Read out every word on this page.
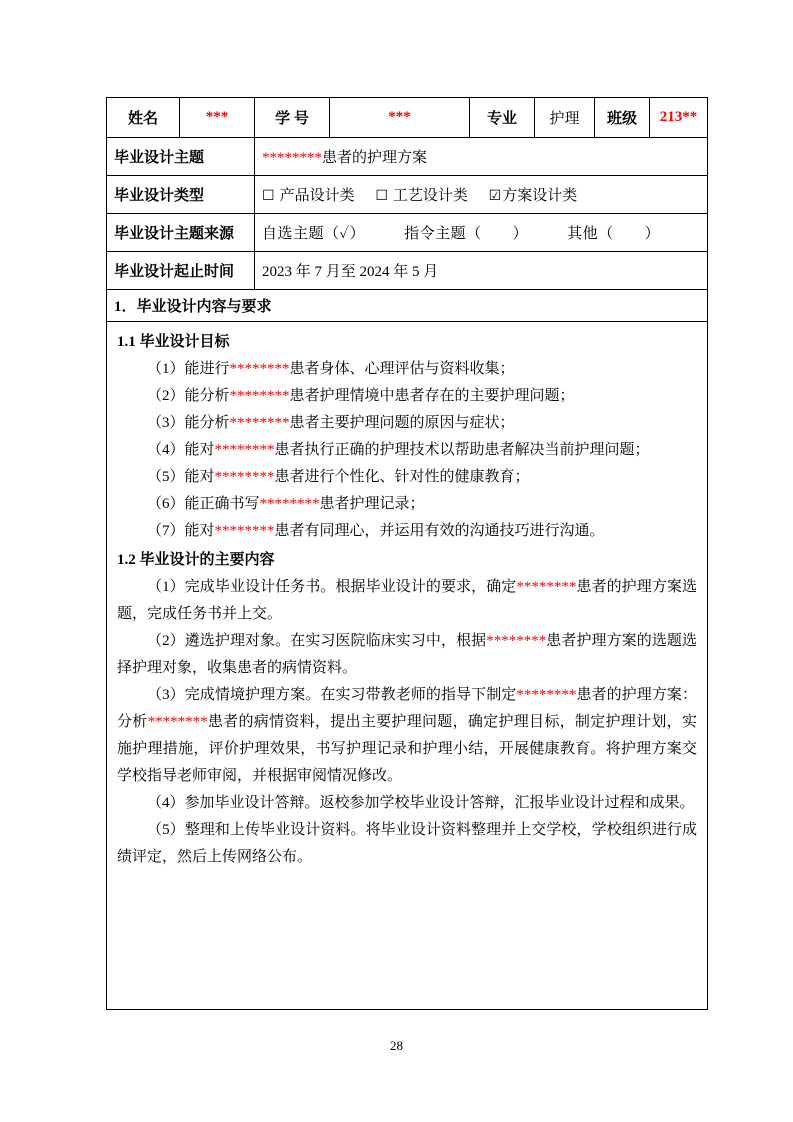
姓名	***	学 号	***	专业	护理	班级	213**
毕业设计主题		********患者的护理方案					
毕业设计类型		☐ 产品设计类 ☐ 工艺设计类 ☑方案设计类					
毕业设计主题来源		自选主题（✓）　　　指令主题（　　）　　　其他（　　）					
毕业设计起止时间		2023 年 7 月至 2024 年 5 月					
1．毕业设计内容与要求							

1.1 毕业设计目标
（1）能进行********患者身体、心理评估与资料收集；
（2）能分析********患者护理情境中患者存在的主要护理问题；
（3）能分析********患者主要护理问题的原因与症状；
（4）能对********患者执行正确的护理技术以帮助患者解决当前护理问题；
（5）能对********患者进行个性化、针对性的健康教育；
（6）能正确书写********患者护理记录；
（7）能对********患者有同理心，并运用有效的沟通技巧进行沟通。
1.2 毕业设计的主要内容

（1）完成毕业设计任务书。根据毕业设计的要求，确定********患者的护理方案选题，完成任务书并上交。

（2）遴选护理对象。在实习医院临床实习中，根据********患者护理方案的选题选择护理对象，收集患者的病情资料。

（3）完成情境护理方案。在实习带教老师的指导下制定********患者的护理方案：分析********患者的病情资料，提出主要护理问题，确定护理目标，制定护理计划，实施护理措施，评价护理效果，书写护理记录和护理小结，开展健康教育。将护理方案交学校指导老师审阅，并根据审阅情况修改。

（4）参加毕业设计答辩。返校参加学校毕业设计答辩，汇报毕业设计过程和成果。

（5）整理和上传毕业设计资料。将毕业设计资料整理并上交学校，学校组织进行成绩评定，然后上传网络公布。

28
